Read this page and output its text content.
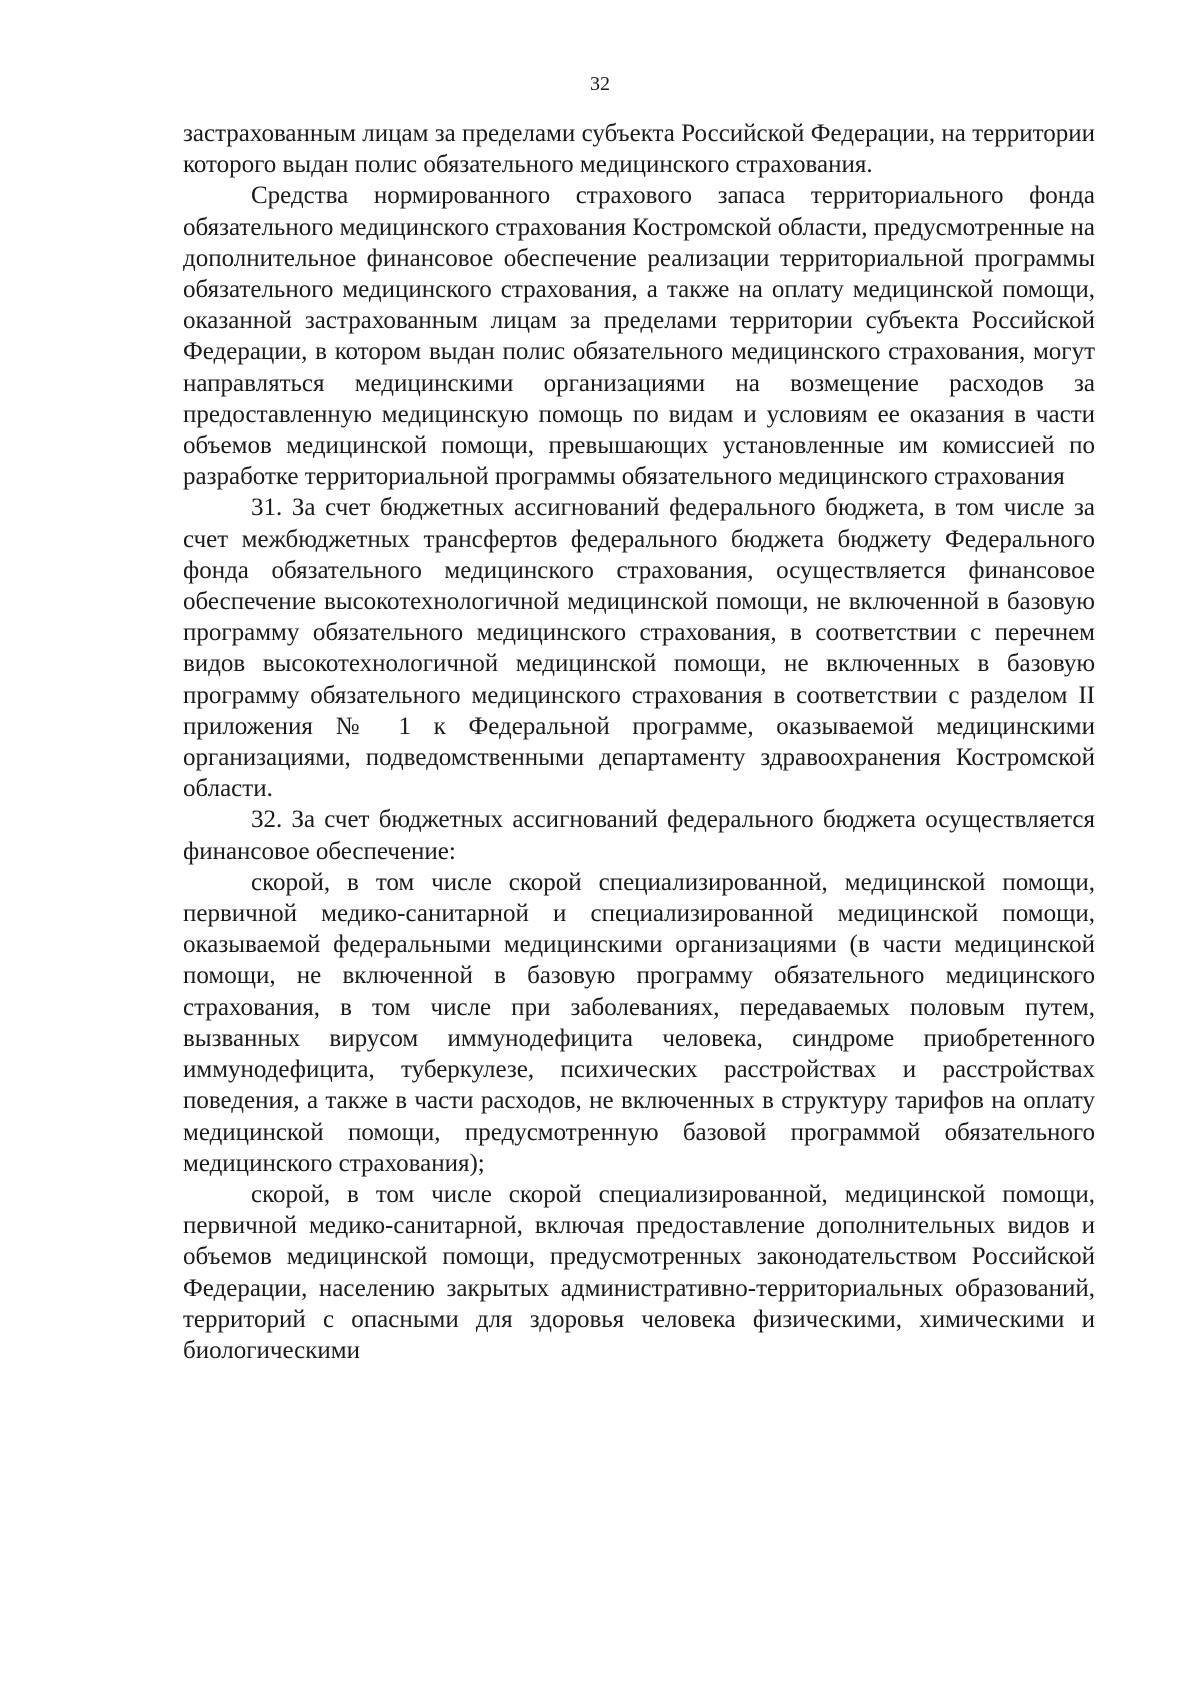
32

застрахованным лицам за пределами субъекта Российской Федерации, на территории которого выдан полис обязательного медицинского страхования.

Средства нормированного страхового запаса территориального фонда обязательного медицинского страхования Костромской области, предусмотренные на дополнительное финансовое обеспечение реализации территориальной программы обязательного медицинского страхования, а также на оплату медицинской помощи, оказанной застрахованным лицам за пределами территории субъекта Российской Федерации, в котором выдан полис обязательного медицинского страхования, могут направляться медицинскими организациями на возмещение расходов за предоставленную медицинскую помощь по видам и условиям ее оказания в части объемов медицинской помощи, превышающих установленные им комиссией по разработке территориальной программы обязательного медицинского страхования

31. За счет бюджетных ассигнований федерального бюджета, в том числе за счет межбюджетных трансфертов федерального бюджета бюджету Федерального фонда обязательного медицинского страхования, осуществляется финансовое обеспечение высокотехнологичной медицинской помощи, не включенной в базовую программу обязательного медицинского страхования, в соответствии с перечнем видов высокотехнологичной медицинской помощи, не включенных в базовую программу обязательного медицинского страхования в соответствии с разделом II приложения № 1 к Федеральной программе, оказываемой медицинскими организациями, подведомственными департаменту здравоохранения Костромской области.

32. За счет бюджетных ассигнований федерального бюджета осуществляется финансовое обеспечение:

скорой, в том числе скорой специализированной, медицинской помощи, первичной медико-санитарной и специализированной медицинской помощи, оказываемой федеральными медицинскими организациями (в части медицинской помощи, не включенной в базовую программу обязательного медицинского страхования, в том числе при заболеваниях, передаваемых половым путем, вызванных вирусом иммунодефицита человека, синдроме приобретенного иммунодефицита, туберкулезе, психических расстройствах и расстройствах поведения, а также в части расходов, не включенных в структуру тарифов на оплату медицинской помощи, предусмотренную базовой программой обязательного медицинского страхования);

скорой, в том числе скорой специализированной, медицинской помощи, первичной медико-санитарной, включая предоставление дополнительных видов и объемов медицинской помощи, предусмотренных законодательством Российской Федерации, населению закрытых административно-территориальных образований, территорий с опасными для здоровья человека физическими, химическими и биологическими
